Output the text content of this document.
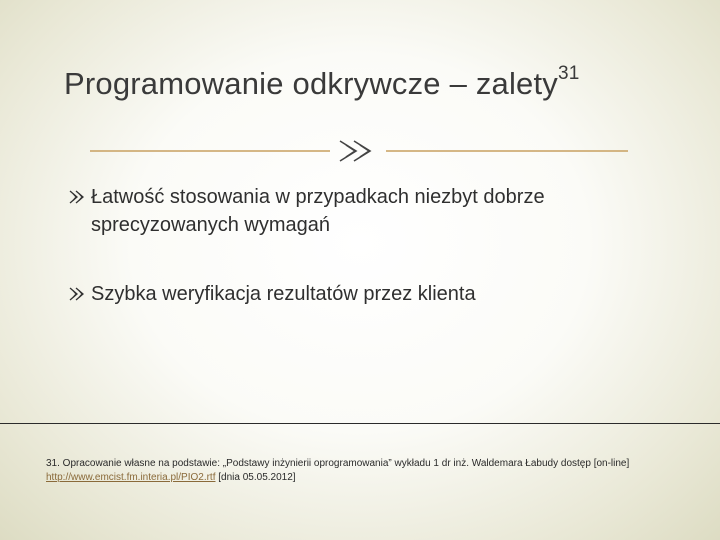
Programowanie odkrywcze – zalety$^{31}$
Łatwość stosowania w przypadkach niezbyt dobrze sprecyzowanych wymagań
Szybka weryfikacja rezultatów przez klienta
31. Opracowanie własne na podstawie: „Podstawy inżynierii oprogramowania” wykładu 1 dr inż. Waldemara Łabudy dostęp [on-line] http://www.emcist.fm.interia.pl/PIO2.rtf [dnia 05.05.2012]
